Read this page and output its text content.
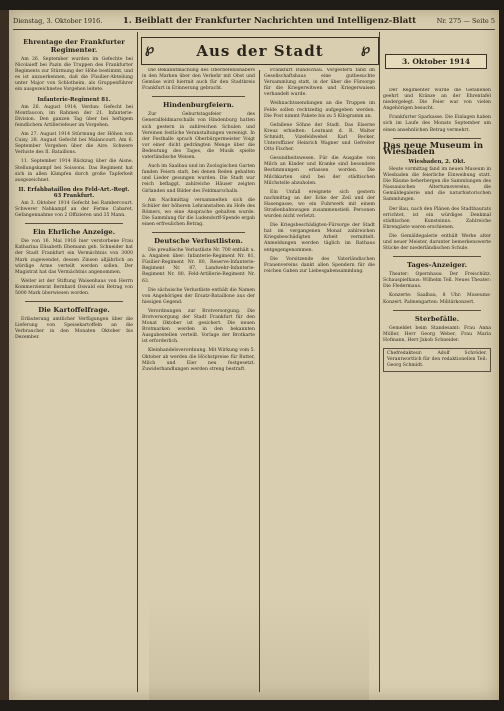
Dienstag, 3. Oktober 1916. 1. Beiblatt der Frankfurter Nachrichten und Intelligenz-Blatt	Nr. 275 — Seite 5
℘	Aus der Stadt	℘
Ehrentage der Frankfurter Regimenter.

Am 26. September wurden im Gefechte bei Nicolaieff bei Pazin die Truppen des Frankfurter Regiments zur Stürmung der Höhe bestimmt, und es ist anzuerkennen, daß die Füsilier-Abteilung unter Major von Schlotheim, als Gruppenführer ein ausgezeichnetes Vorgehen leitete.

Infanterie-Regiment 81.

Am 26. August 1914, Verdun: Gefecht bei Montfaucon, im Rahmen der 21. Infanterie-Division. Den ganzen Tag über bei heftigem feindlichem Artilleriefeuer im Vorgehen.

Am 27. August 1914 Stürmung der Höhen von Cuisy, 28. August Gefecht bei Malancourt. Am 6. September Vorgehen über die Aire. Schwere Verluste des II. Bataillons.

11. September 1914 Rückzug über die Aisne. Stellungskampf bei Soissons. Das Regiment hat sich in allen Kämpfen durch große Tapferkeit ausgezeichnet.

II. Erfahbataillon des Feld-Art.-Regt. 63 Frankfurt.

Am 3. Oktober 1914 Gefecht bei Rambercourt. Schwerer Nahkampf an der Ferme Cabaret, Gefangennahme von 2 Offizieren und 35 Mann.

Ein Ehrliche Anzeige.

Die von 16. Mai 1916 hier verstorbene Frau Katharina Elisabeth Ehemann geb. Schneider hat der Stadt Frankfurt ein Vermächtnis von 3000 Mark zugewendet, dessen Zinsen alljährlich an würdige Arme verteilt werden sollen. Der Magistrat hat das Vermächtnis angenommen.

Weiter ist der Stiftung Waisenhaus von Herrn Kommerzienrat Bernhard Oswald ein Betrag von 5000 Mark überwiesen worden.

Die Kartoffelfrage.

Erläuterung amtlicher Verfügungen über die Lieferung von Speisekartoffeln an die Verbraucher in den Monaten Oktober bis Dezember.

Die Bekanntmachung des Oberbefehlshabers in den Marken über den Verkehr mit Obst und Gemüse wird hiermit auch für den Stadtkreis Frankfurt in Erinnerung gebracht.

Hindenburgfeiern.

Zur Geburtstagsfeier des Generalfeldmarschalls von Hindenburg hatten sich gestern in zahlreichen Schulen und Vereinen festliche Veranstaltungen vereinigt. In der Festhalle sprach Oberbürgermeister Voigt vor einer dicht gedrängten Menge über die Bedeutung des Tages, die Musik spielte vaterländische Weisen.

Auch im Saalbau und im Zoologischen Garten fanden Feiern statt, bei denen Reden gehalten und Lieder gesungen wurden. Die Stadt war reich beflaggt, zahlreiche Häuser zeigten Girlanden und Bilder des Feldmarschalls.

Am Nachmittag versammelten sich die Schüler der höheren Lehranstalten im Hofe des Römers, wo eine Ansprache gehalten wurde. Die Sammlung für die Ludendorff-Spende ergab einen erfreulichen Betrag.

Deutsche Verlustlisten.

Die preußische Verlustliste Nr. 700 enthält u. a. Angaben über: Infanterie-Regiment Nr. 81, Füsilier-Regiment Nr. 80, Reserve-Infanterie-Regiment Nr. 87, Landwehr-Infanterie-Regiment Nr. 80, Feld-Artillerie-Regiment Nr. 63.

Die sächsische Verlustliste enthält die Namen von Angehörigen der Ersatz-Bataillone aus der hiesigen Gegend.

Verordnungen zur Brotversorgung. Die Brotversorgung der Stadt Frankfurt für den Monat Oktober ist gesichert. Die neuen Brotmarken werden in den bekannten Ausgabestellen verteilt. Vorlage der Brotkarte ist erforderlich.

Kleinhandelsverordnung. Mit Wirkung vom 5. Oktober ab werden die Höchstpreise für Butter, Milch und Eier neu festgesetzt. Zuwiderhandlungen werden streng bestraft.

Frankfurt Rundschau. Vorgestern fand im Gesellschaftshaus eine gutbesuchte Versammlung statt, in der über die Fürsorge für die Kriegerwitwen und Kriegerwaisen verhandelt wurde.

Weihnachtssendungen an die Truppen im Felde sollen rechtzeitig aufgegeben werden. Die Post nimmt Pakete bis zu 5 Kilogramm an.

Gefallene Söhne der Stadt. Das Eiserne Kreuz erhielten: Leutnant d. R. Walter Schmidt, Vizefeldwebel Karl Becker, Unteroffizier Heinrich Wagner und Gefreiter Otto Fischer.

Gesundheitswesen. Für die Ausgabe von Milch an Kinder und Kranke sind besondere Bestimmungen erlassen worden. Die Milchkarten sind bei der städtischen Milchstelle abzuholen.

Ein Unfall ereignete sich gestern nachmittag an der Ecke der Zeil und der Hasengasse, wo ein Fuhrwerk mit einem Straßenbahnwagen zusammenstieß. Personen wurden nicht verletzt.

Die Kriegsbeschädigten-Fürsorge der Stadt hat im vergangenen Monat zahlreichen Kriegsbeschädigten Arbeit vermittelt. Anmeldungen werden täglich im Rathaus entgegengenommen.

Die Vorsitzende des Vaterländischen Frauenvereins dankt allen Spendern für die reichen Gaben zur Liebesgabensammlung.

3. Oktober 1914

Der Regimenter wurde die Gefallenen geehrt und Kränze an der Ehrentafel niedergelegt. Die Feier war von vielen Angehörigen besucht.

Frankfurter Sparkasse. Die Einlagen haben sich im Laufe des Monats September um einen ansehnlichen Betrag vermehrt.

Das neue Museum in Wiesbaden
Wiesbaden, 2. Okt.

Heute vormittag fand im neuen Museum in Wiesbaden die feierliche Einweihung statt. Die Räume beherbergen die Sammlungen des Nassauischen Altertumsvereins, die Gemäldegalerie und die naturhistorischen Sammlungen.

Der Bau, nach den Plänen des Stadtbaurats errichtet, ist ein würdiges Denkmal städtischen Kunstsinns. Zahlreiche Ehrengäste waren erschienen.

Die Gemäldegalerie enthält Werke alter und neuer Meister, darunter bemerkenswerte Stücke der niederländischen Schule.

Tages-Anzeiger.

Theater: Opernhaus: Der Freischütz. Schauspielhaus: Wilhelm Tell. Neues Theater: Die Fledermaus.

Konzerte: Saalbau, 8 Uhr: Museums-Konzert. Palmengarten: Militärkonzert.

Sterbefälle.

Gemeldet beim Standesamt: Frau Anna Müller, Herr Georg Weber, Frau Maria Hofmann, Herr Jakob Schneider.

Chefredakteur: Adolf Schröder. Verantwortlich für den redaktionellen Teil: Georg Schmidt.
